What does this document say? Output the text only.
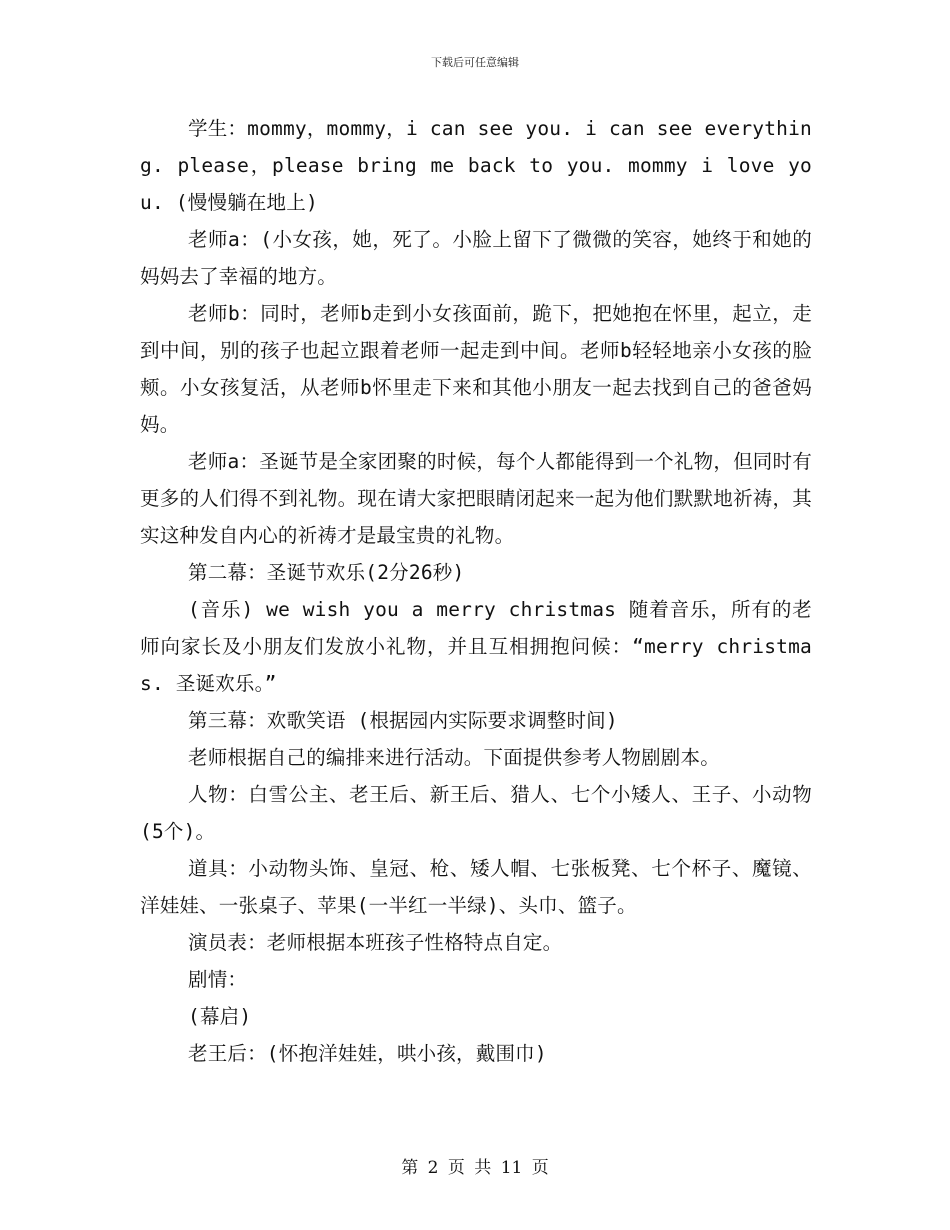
下载后可任意编辑

学生：mommy，mommy，i can see you. i can see everything. please，please bring me back to you. mommy i love you. (慢慢躺在地上)

老师a：(小女孩，她，死了。小脸上留下了微微的笑容，她终于和她的妈妈去了幸福的地方。

老师b：同时，老师b走到小女孩面前，跪下，把她抱在怀里，起立，走到中间，别的孩子也起立跟着老师一起走到中间。老师b轻轻地亲小女孩的脸颊。小女孩复活，从老师b怀里走下来和其他小朋友一起去找到自己的爸爸妈妈。

老师a：圣诞节是全家团聚的时候，每个人都能得到一个礼物，但同时有更多的人们得不到礼物。现在请大家把眼睛闭起来一起为他们默默地祈祷，其实这种发自内心的祈祷才是最宝贵的礼物。

第二幕：圣诞节欢乐(2分26秒)

(音乐) we wish you a merry christmas 随着音乐，所有的老师向家长及小朋友们发放小礼物，并且互相拥抱问候：“merry christmas. 圣诞欢乐。”

第三幕：欢歌笑语 (根据园内实际要求调整时间)

老师根据自己的编排来进行活动。下面提供参考人物剧剧本。

人物：白雪公主、老王后、新王后、猎人、七个小矮人、王子、小动物(5个)。

道具：小动物头饰、皇冠、枪、矮人帽、七张板凳、七个杯子、魔镜、洋娃娃、一张桌子、苹果(一半红一半绿)、头巾、篮子。

演员表：老师根据本班孩子性格特点自定。

剧情：

(幕启)

老王后：(怀抱洋娃娃，哄小孩，戴围巾)

第 2 页 共 11 页
